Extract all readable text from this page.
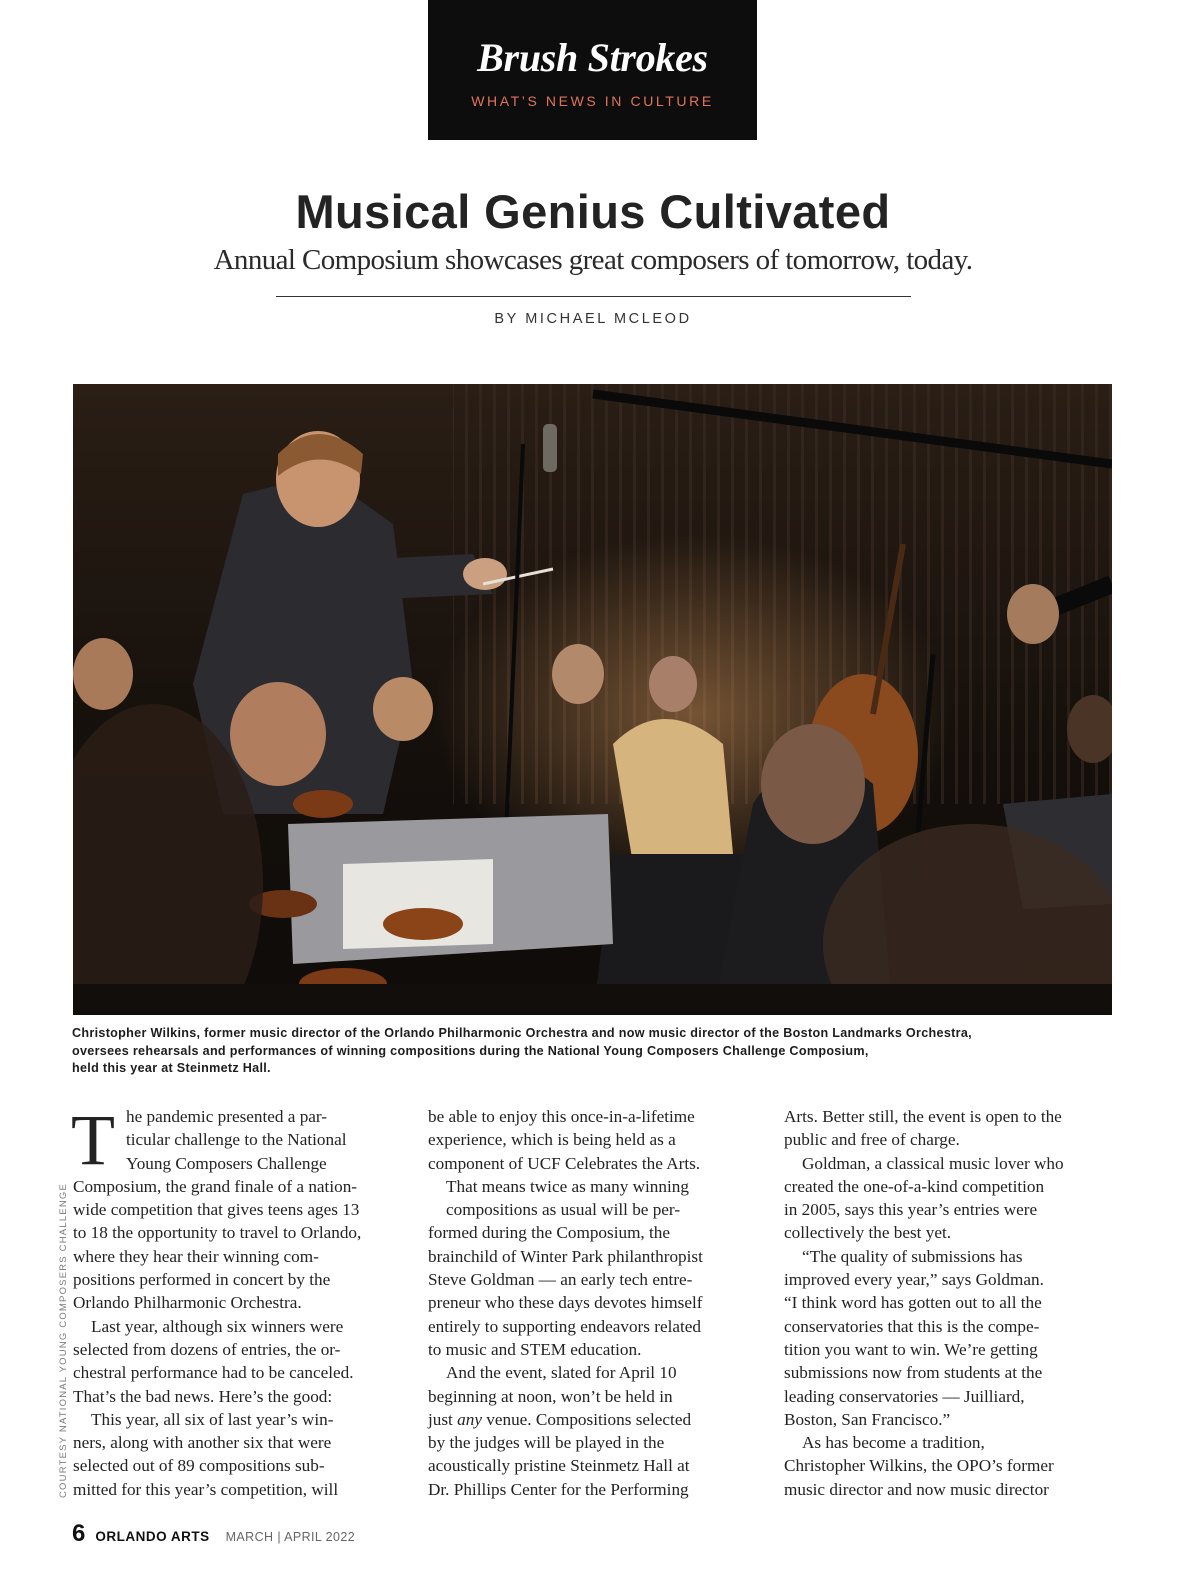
Brush Strokes
WHAT’S NEWS IN CULTURE
Musical Genius Cultivated
Annual Composium showcases great composers of tomorrow, today.
BY MICHAEL MCLEOD
Christopher Wilkins, former music director of the Orlando Philharmonic Orchestra and now music director of the Boston Landmarks Orchestra,
oversees rehearsals and performances of winning compositions during the National Young Composers Challenge Composium,
held this year at Steinmetz Hall.
COURTESY NATIONAL YOUNG COMPOSERS CHALLENGE
T he pandemic presented a par-
ticular challenge to the National
Young Composers Challenge
Composium, the grand finale of a nation-
wide competition that gives teens ages 13
to 18 the opportunity to travel to Orlando,
where they hear their winning com-
positions performed in concert by the
Orlando Philharmonic Orchestra.
Last year, although six winners were
selected from dozens of entries, the or-
chestral performance had to be canceled.
That’s the bad news. Here’s the good:
This year, all six of last year’s win-
ners, along with another six that were
selected out of 89 compositions sub-
mitted for this year’s competition, will
be able to enjoy this once-in-a-lifetime
experience, which is being held as a
component of UCF Celebrates the Arts.
That means twice as many winning
compositions as usual will be per-
formed during the Composium, the
brainchild of Winter Park philanthropist
Steve Goldman — an early tech entre-
preneur who these days devotes himself
entirely to supporting endeavors related
to music and STEM education.
And the event, slated for April 10
beginning at noon, won’t be held in
just any venue. Compositions selected
by the judges will be played in the
acoustically pristine Steinmetz Hall at
Dr. Phillips Center for the Performing
Arts. Better still, the event is open to the
public and free of charge.
Goldman, a classical music lover who
created the one-of-a-kind competition
in 2005, says this year’s entries were
collectively the best yet.
“The quality of submissions has
improved every year,” says Goldman.
“I think word has gotten out to all the
conservatories that this is the compe-
tition you want to win. We’re getting
submissions now from students at the
leading conservatories — Juilliard,
Boston, San Francisco.”
As has become a tradition,
Christopher Wilkins, the OPO’s former
music director and now music director
6 ORLANDO ARTS MARCH | APRIL 2022
